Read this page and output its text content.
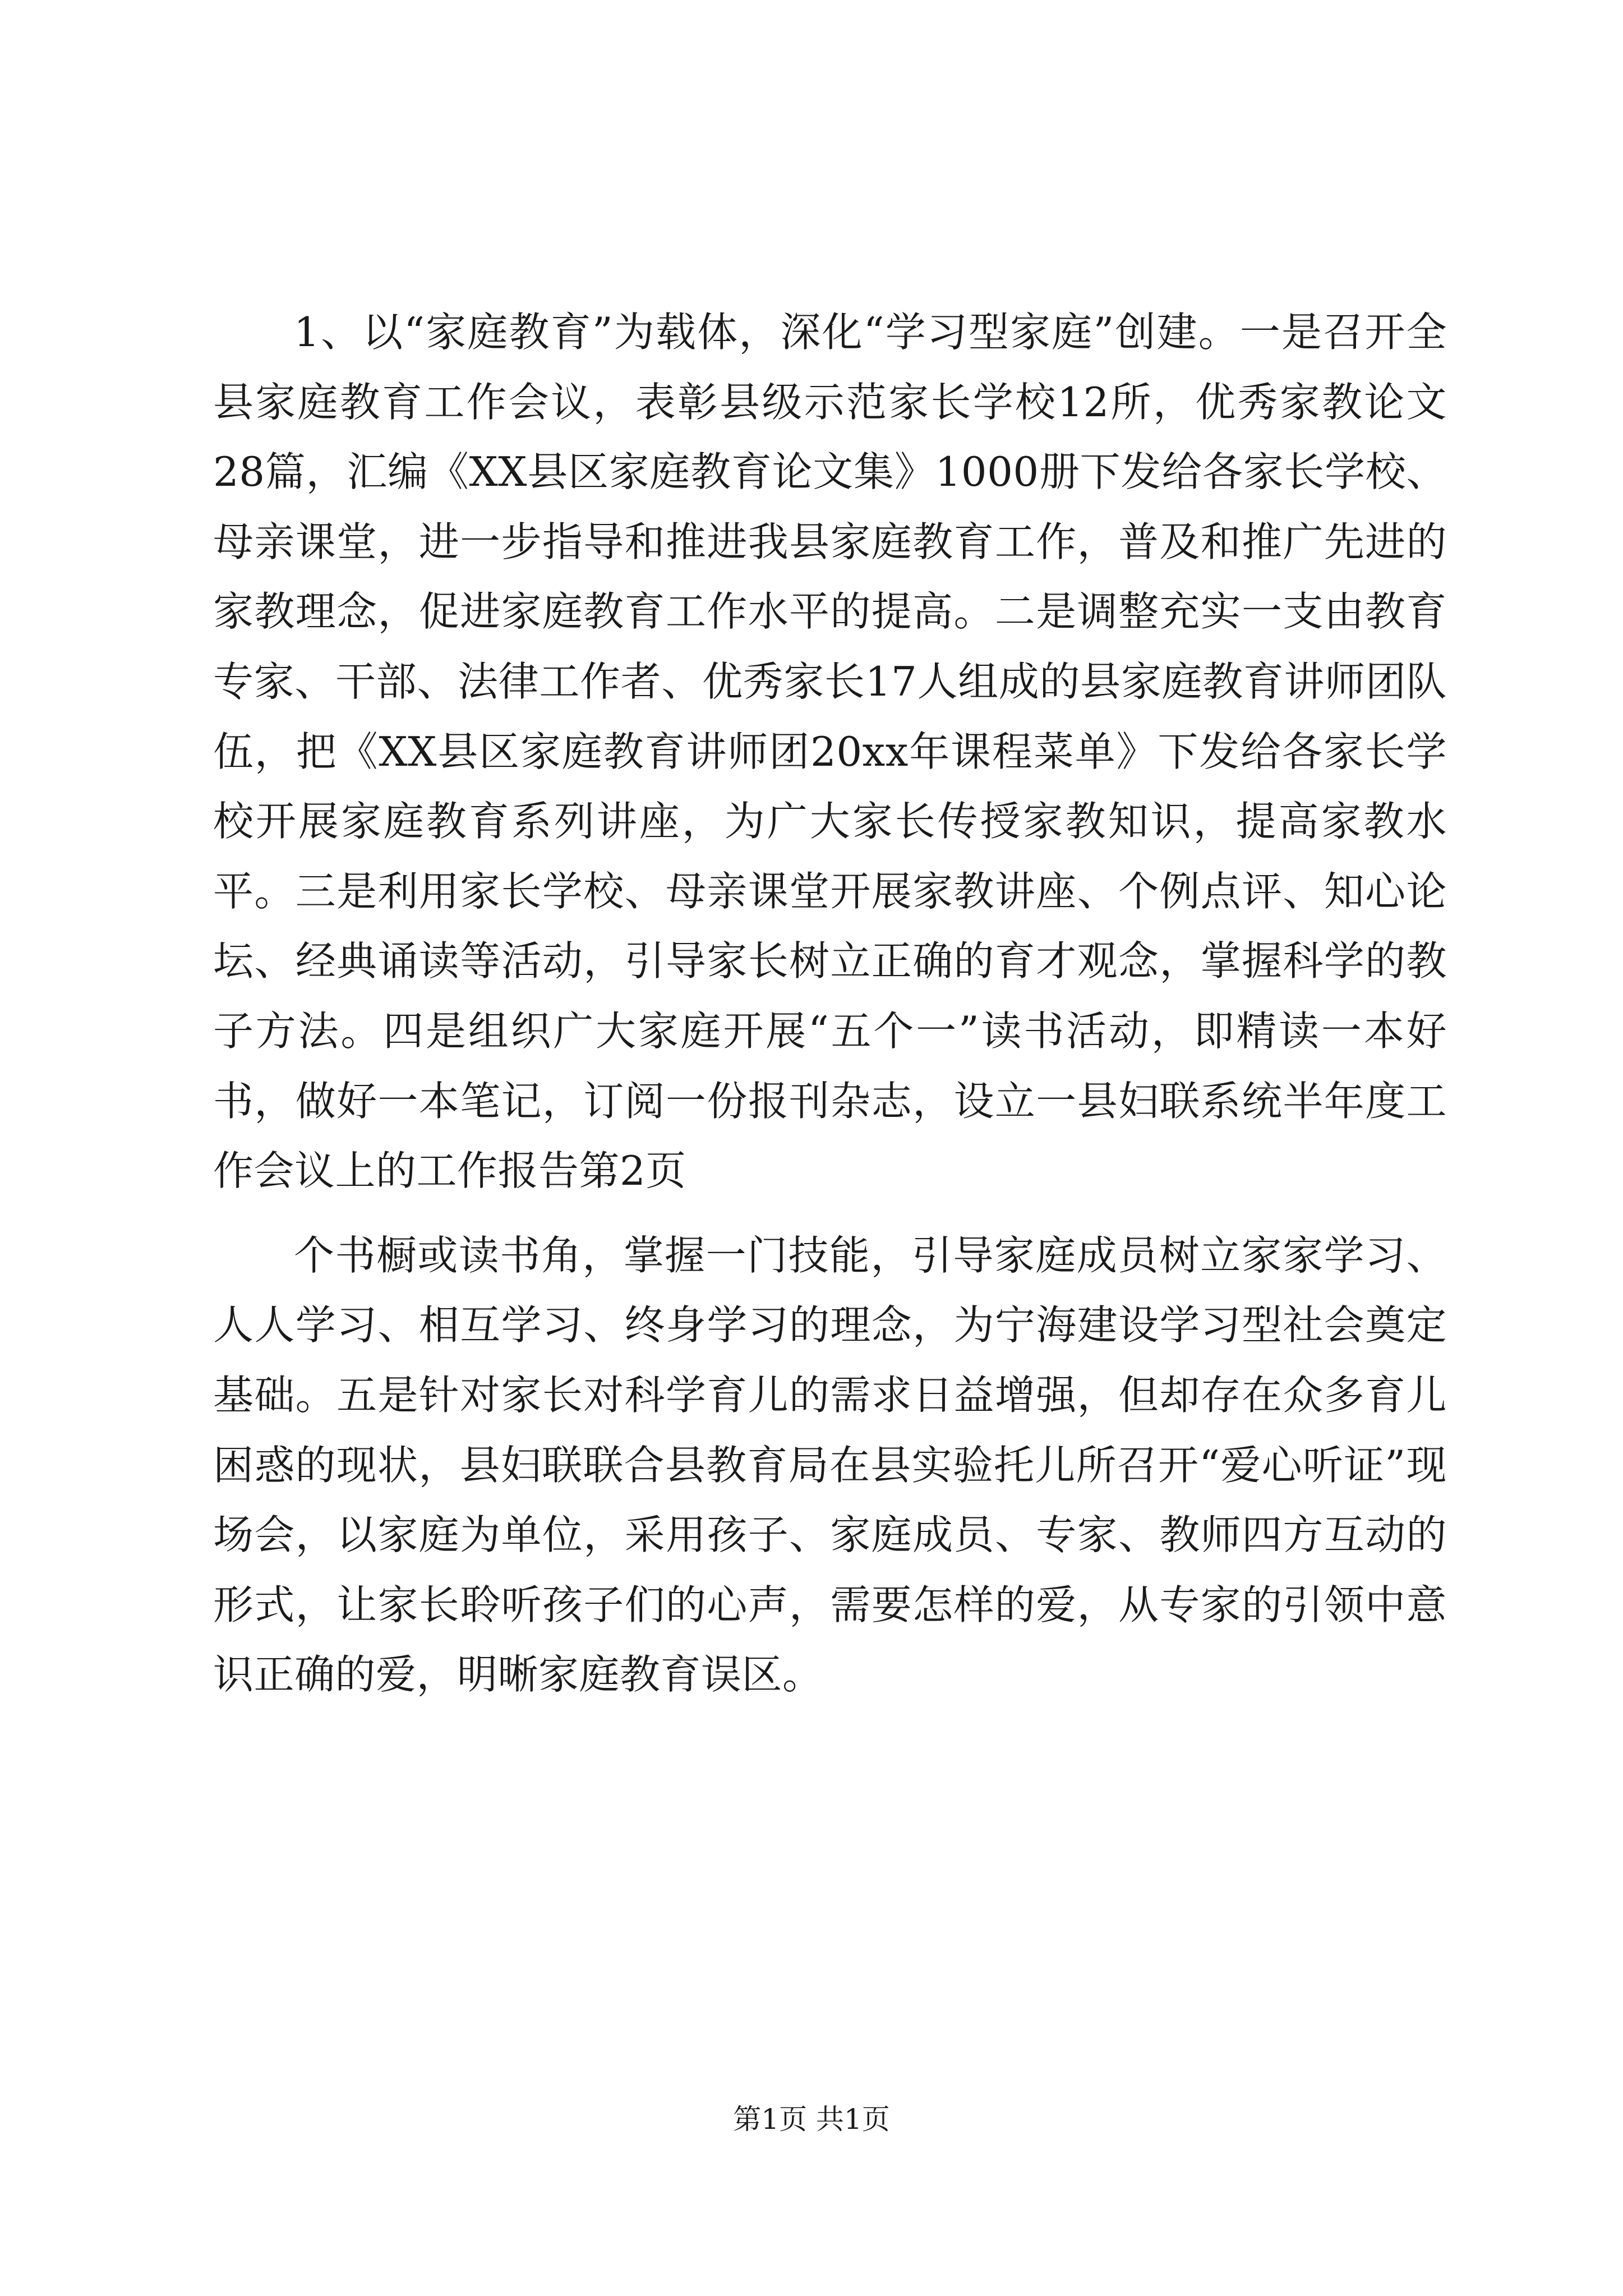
1、以“家庭教育”为载体，深化“学习型家庭”创建。一是召开全县家庭教育工作会议，表彰县级示范家长学校12所，优秀家教论文28篇，汇编《XX县区家庭教育论文集》1000册下发给各家长学校、母亲课堂，进一步指导和推进我县家庭教育工作，普及和推广先进的家教理念，促进家庭教育工作水平的提高。二是调整充实一支由教育专家、干部、法律工作者、优秀家长17人组成的县家庭教育讲师团队伍，把《XX县区家庭教育讲师团20xx年课程菜单》下发给各家长学校开展家庭教育系列讲座，为广大家长传授家教知识，提高家教水平。三是利用家长学校、母亲课堂开展家教讲座、个例点评、知心论坛、经典诵读等活动，引导家长树立正确的育才观念，掌握科学的教子方法。四是组织广大家庭开展“五个一”读书活动，即精读一本好书，做好一本笔记，订阅一份报刊杂志，设立一县妇联系统半年度工作会议上的工作报告第2页

个书橱或读书角，掌握一门技能，引导家庭成员树立家家学习、人人学习、相互学习、终身学习的理念，为宁海建设学习型社会奠定基础。五是针对家长对科学育儿的需求日益增强，但却存在众多育儿困惑的现状，县妇联联合县教育局在县实验托儿所召开“爱心听证”现场会，以家庭为单位，采用孩子、家庭成员、专家、教师四方互动的形式，让家长聆听孩子们的心声，需要怎样的爱，从专家的引领中意识正确的爱，明晰家庭教育误区。

第1页 共1页
